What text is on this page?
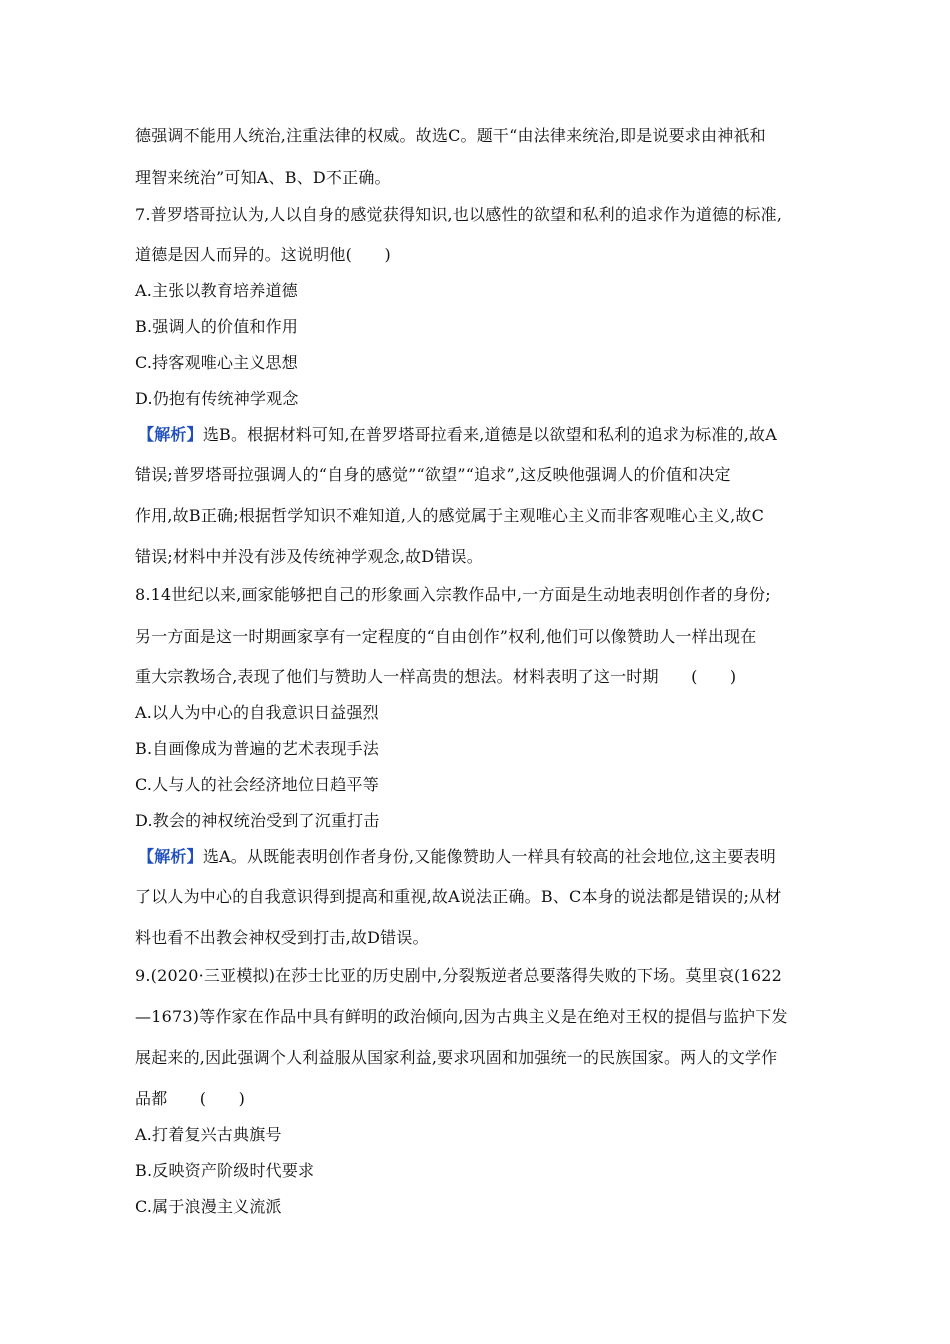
德强调不能用人统治,注重法律的权威。故选C。题干“由法律来统治,即是说要求由神祇和
理智来统治”可知A、B、D不正确。
7.普罗塔哥拉认为,人以自身的感觉获得知识,也以感性的欲望和私利的追求作为道德的标准,
道德是因人而异的。这说明他(　　)
A.主张以教育培养道德
B.强调人的价值和作用
C.持客观唯心主义思想
D.仍抱有传统神学观念
【解析】选B。根据材料可知,在普罗塔哥拉看来,道德是以欲望和私利的追求为标准的,故A
错误;普罗塔哥拉强调人的“自身的感觉”“欲望”“追求”,这反映他强调人的价值和决定
作用,故B正确;根据哲学知识不难知道,人的感觉属于主观唯心主义而非客观唯心主义,故C
错误;材料中并没有涉及传统神学观念,故D错误。
8.14世纪以来,画家能够把自己的形象画入宗教作品中,一方面是生动地表明创作者的身份;
另一方面是这一时期画家享有一定程度的“自由创作”权利,他们可以像赞助人一样出现在
重大宗教场合,表现了他们与赞助人一样高贵的想法。材料表明了这一时期　　(　　)
A.以人为中心的自我意识日益强烈
B.自画像成为普遍的艺术表现手法
C.人与人的社会经济地位日趋平等
D.教会的神权统治受到了沉重打击
【解析】选A。从既能表明创作者身份,又能像赞助人一样具有较高的社会地位,这主要表明
了以人为中心的自我意识得到提高和重视,故A说法正确。B、C本身的说法都是错误的;从材
料也看不出教会神权受到打击,故D错误。
9.(2020·三亚模拟)在莎士比亚的历史剧中,分裂叛逆者总要落得失败的下场。莫里哀(1622
—1673)等作家在作品中具有鲜明的政治倾向,因为古典主义是在绝对王权的提倡与监护下发
展起来的,因此强调个人利益服从国家利益,要求巩固和加强统一的民族国家。两人的文学作
品都　　(　　)
A.打着复兴古典旗号
B.反映资产阶级时代要求
C.属于浪漫主义流派
